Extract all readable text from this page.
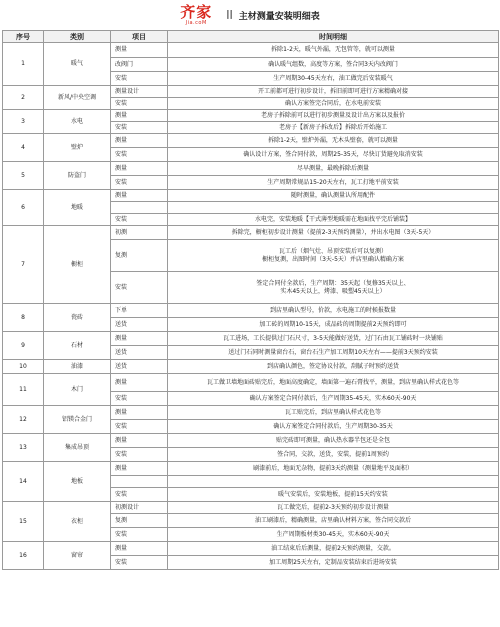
齐家
Jia.coM
|| 主材测量安装明细表
序号	类别	项目	时间明细
1	暖气	测量	拆除1-2天，暖气外漏，无包管等，就可以测量
		改阀门	确认暖气组数，高度等方案，签合同3天内改阀门
		安装	生产周期30-45天左右，油工做完后安装暖气
2	新风/中央空调	测量设计	开工前都可进行初步设计，拆旧前即可进行方案精确对接
		安装	确认方案签完合同后，在水电前安装
3	水电	测量	老房子拆除前可以进行初步测量及设计出方案以及报价
		安装	老房子【新房子拆改后】拆除后开始施工
4	壁炉	测量	拆除1-2天，壁炉外漏，无木头壁套，就可以测量
		安装	确认设计方案，签合同付款，周期25-35天，尽快订货避免取消安装
5	防盗门	测量	尽早测量，最晚拆除后测量
		安装	生产周期常规品15-20天左右，瓦工打地平前安装
6	地暖	测量	随时测量，确认测量认所用配件

		安装	水电完，安装地暖【干式薄型地暖需在地面找平完后铺装】
7	橱柜	初测	拆除完，橱柜初步设计测量（提前2-3天预约测量），并出水电图（3天-5天）
		复测	瓦工后（烟气灶、吊顶安装后可以复测）
橱柜复测，出图时间（3天-5天）并店里确认精确方案
		安装	签定合同付全款后，生产周期：35天起（复修35天以上、
实木45天以上，烤漆、吸塑45天以上）
8	瓷砖	下单	到店里确认型号，价款，水电施工的时候报数量
		送货	加工砖的周期10-15天，成品砖的周期提前2天预约即可
9	石材	测量	瓦工进场，工长提供过门石尺寸，3-5天能做好送货，过门石由瓦工铺砖时一块铺贴
		送货	送过门石同时测量窗台石，窗台石生产加工周期10天左右——提前3天预约安装
10	油漆	送货	到店确认颜色，签定协议付款，刮腻子时预约送货
11	木门	测量	瓦工做卫墙地面砖贴完后，地面高度确定，墙面第一遍石膏找平，测量，到店里确认样式花色等
		安装	确认方案签定合同付款后，生产周期35-45天，实木60天-90天
12	铝镁合金门	测量	瓦工贴完后，到店里确认样式花色等
		安装	确认方案签定合同付款后，生产周期30-35天
13	集成吊顶	测量	贴完砖即可测量，确认热水器半包还是全包
		安装	签合同，交款，送货，安装，提前1周预约
14	地板	测量	刷漆前后，地面无杂物，提前3天约测量（测量地平及面积）

		安装	暖气安装后，安装地板，提前15天约安装
15	衣柜	初测设计	瓦工做完后，提前2-3天预约初步设计测量
		复测	油工刷漆后，精确测量，店里确认材料方案，签合同交款后
		安装	生产周期板材类30-45天，实木60天-90天
16	窗帘	测量	油工结束后后测量，提前2天预约测量，交款。
		安装	加工周期25天左右，定制品安装结束后进场安装
